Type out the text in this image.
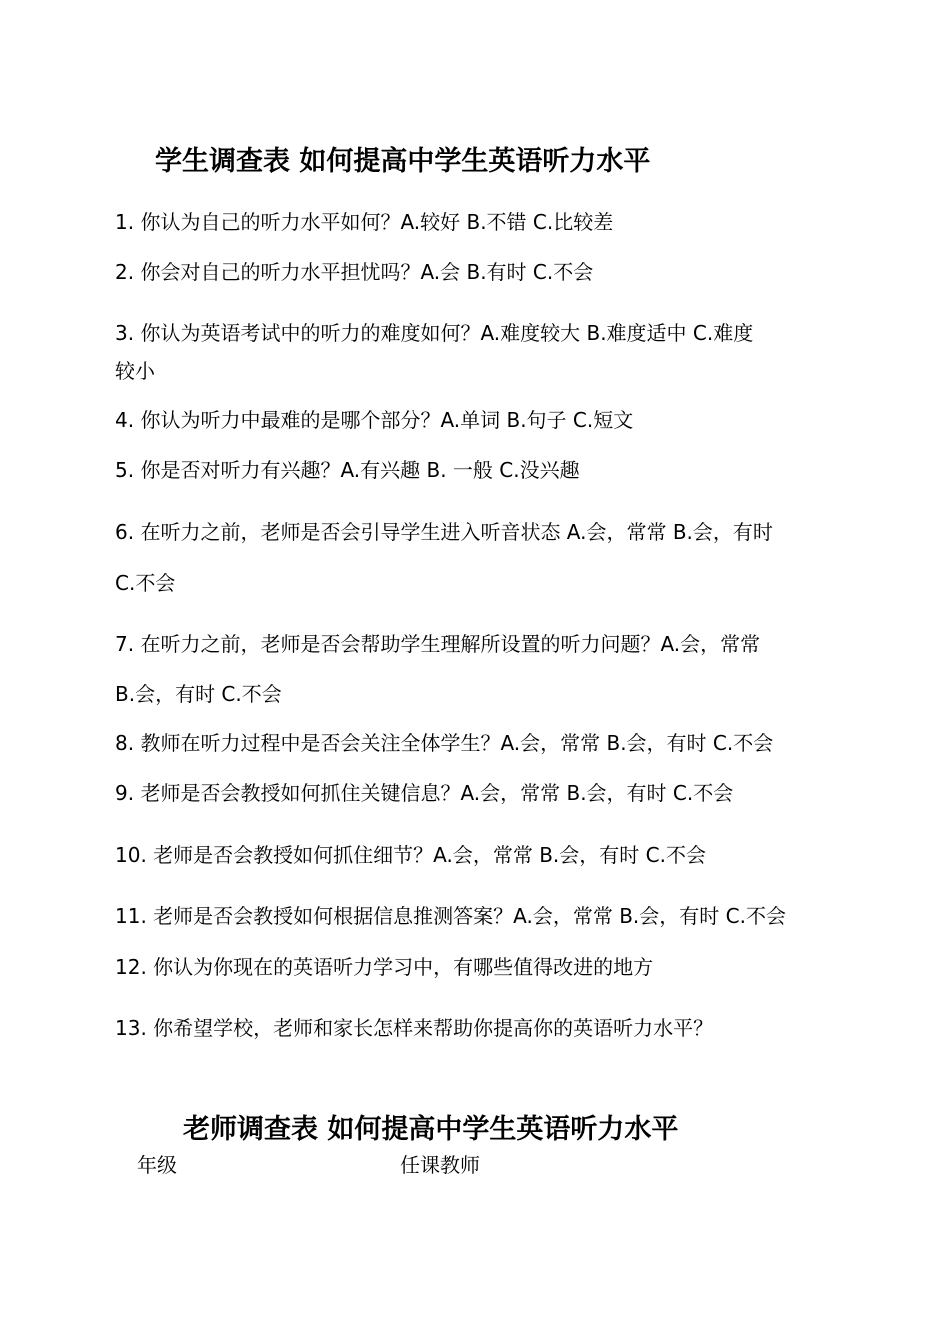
学生调查表 如何提高中学生英语听力水平
1. 你认为自己的听力水平如何？A.较好 B.不错 C.比较差
2. 你会对自己的听力水平担忧吗？A.会 B.有时 C.不会
3. 你认为英语考试中的听力的难度如何？A.难度较大 B.难度适中 C.难度
较小
4. 你认为听力中最难的是哪个部分？A.单词 B.句子 C.短文
5. 你是否对听力有兴趣？A.有兴趣 B. 一般 C.没兴趣
6. 在听力之前，老师是否会引导学生进入听音状态 A.会，常常 B.会，有时
C.不会
7. 在听力之前，老师是否会帮助学生理解所设置的听力问题？A.会，常常
B.会，有时 C.不会
8. 教师在听力过程中是否会关注全体学生？A.会，常常 B.会，有时 C.不会
9. 老师是否会教授如何抓住关键信息？A.会，常常 B.会，有时 C.不会
10. 老师是否会教授如何抓住细节？A.会，常常 B.会，有时 C.不会
11. 老师是否会教授如何根据信息推测答案？A.会，常常 B.会，有时 C.不会
12. 你认为你现在的英语听力学习中，有哪些值得改进的地方
13. 你希望学校，老师和家长怎样来帮助你提高你的英语听力水平？
老师调查表 如何提高中学生英语听力水平
年级	任课教师
